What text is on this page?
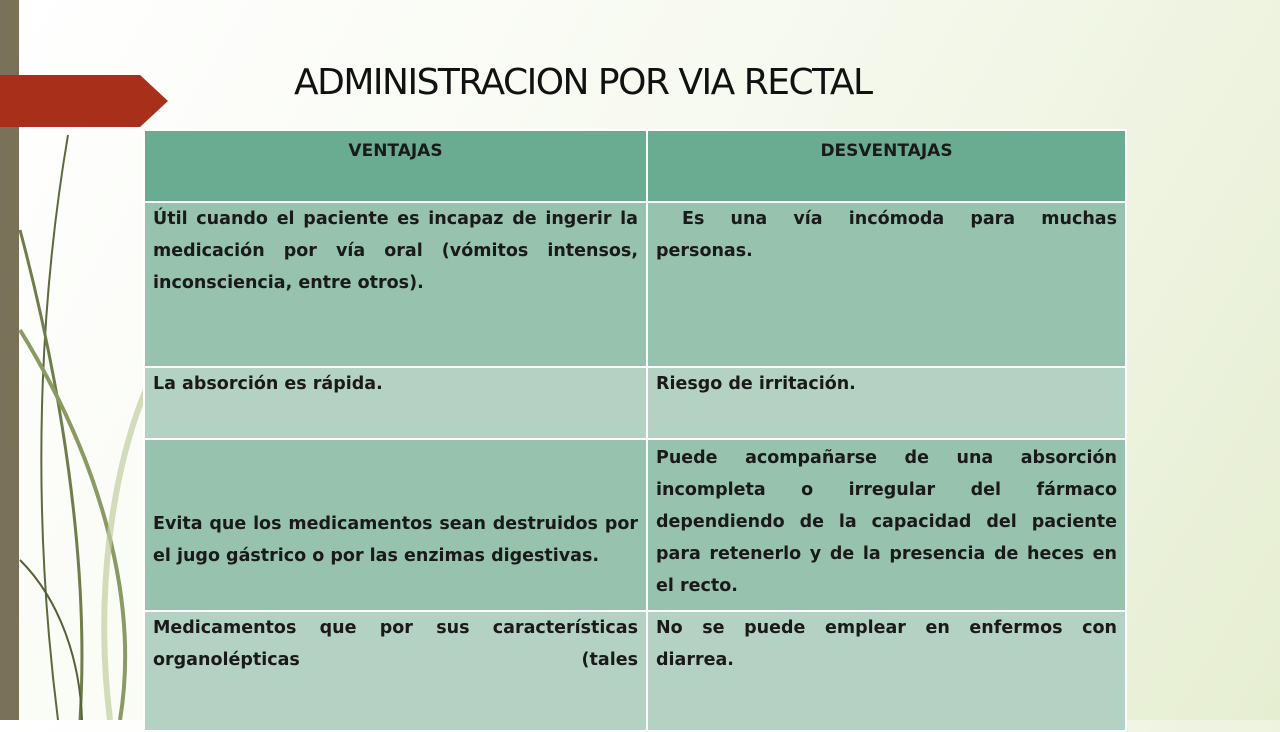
ADMINISTRACION POR VIA RECTAL
VENTAJAS	DESVENTAJAS
Útil cuando el paciente es incapaz de ingerir la medicación por vía oral (vómitos intensos, inconsciencia, entre otros).	Es una vía incómoda para muchas personas.
La absorción es rápida.	Riesgo de irritación.
Evita que los medicamentos sean destruidos por el jugo gástrico o por las enzimas digestivas.	Puede acompañarse de una absorción incompleta o irregular del fármaco dependiendo de la capacidad del paciente para retenerlo y de la presencia de heces en el recto.
Medicamentos que por sus características organolépticas (tales	No se puede emplear en enfermos con diarrea.
